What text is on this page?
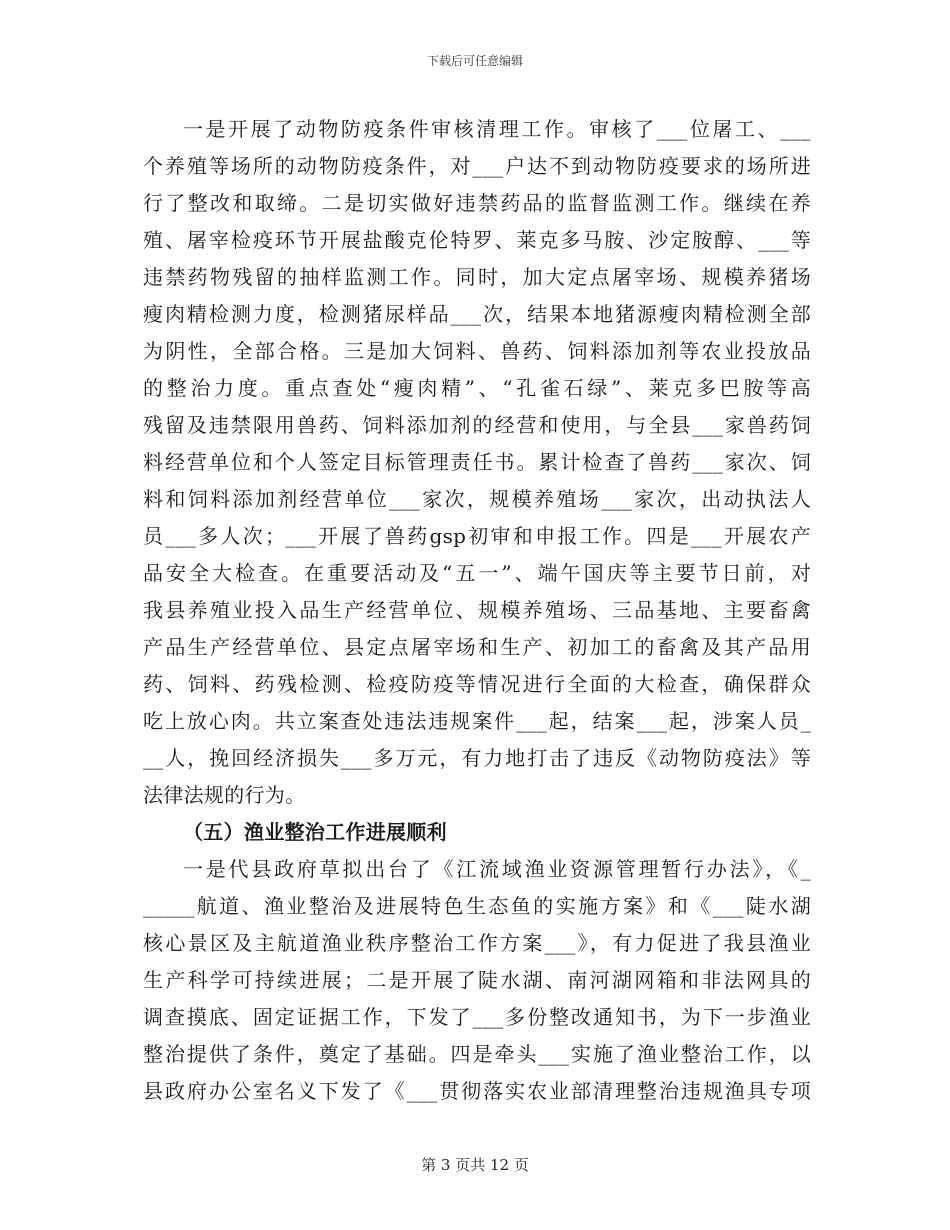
下载后可任意编辑
一是开展了动物防疫条件审核清理工作。审核了___位屠工、___
个养殖等场所的动物防疫条件，对___户达不到动物防疫要求的场所进
行了整改和取缔。二是切实做好违禁药品的监督监测工作。继续在养
殖、屠宰检疫环节开展盐酸克伦特罗、莱克多马胺、沙定胺醇、___等
违禁药物残留的抽样监测工作。同时，加大定点屠宰场、规模养猪场
瘦肉精检测力度，检测猪尿样品___次，结果本地猪源瘦肉精检测全部
为阴性，全部合格。三是加大饲料、兽药、饲料添加剂等农业投放品
的整治力度。重点查处“瘦肉精”、“孔雀石绿”、莱克多巴胺等高
残留及违禁限用兽药、饲料添加剂的经营和使用，与全县___家兽药饲
料经营单位和个人签定目标管理责任书。累计检查了兽药___家次、饲
料和饲料添加剂经营单位___家次，规模养殖场___家次，出动执法人
员___多人次；___开展了兽药gsp初审和申报工作。四是___开展农产
品安全大检查。在重要活动及“五一”、端午国庆等主要节日前，对
我县养殖业投入品生产经营单位、规模养殖场、三品基地、主要畜禽
产品生产经营单位、县定点屠宰场和生产、初加工的畜禽及其产品用
药、饲料、药残检测、检疫防疫等情况进行全面的大检查，确保群众
吃上放心肉。共立案查处违法违规案件___起，结案___起，涉案人员_
__人，挽回经济损失___多万元，有力地打击了违反《动物防疫法》等
法律法规的行为。
（五）渔业整治工作进展顺利
一是代县政府草拟出台了《江流域渔业资源管理暂行办法》，《_
_____航道、渔业整治及进展特色生态鱼的实施方案》和《___陡水湖
核心景区及主航道渔业秩序整治工作方案___》，有力促进了我县渔业
生产科学可持续进展；二是开展了陡水湖、南河湖网箱和非法网具的
调查摸底、固定证据工作，下发了___多份整改通知书，为下一步渔业
整治提供了条件，奠定了基础。四是牵头___实施了渔业整治工作，以
县政府办公室名义下发了《___贯彻落实农业部清理整治违规渔具专项
第 3 页共 12 页
